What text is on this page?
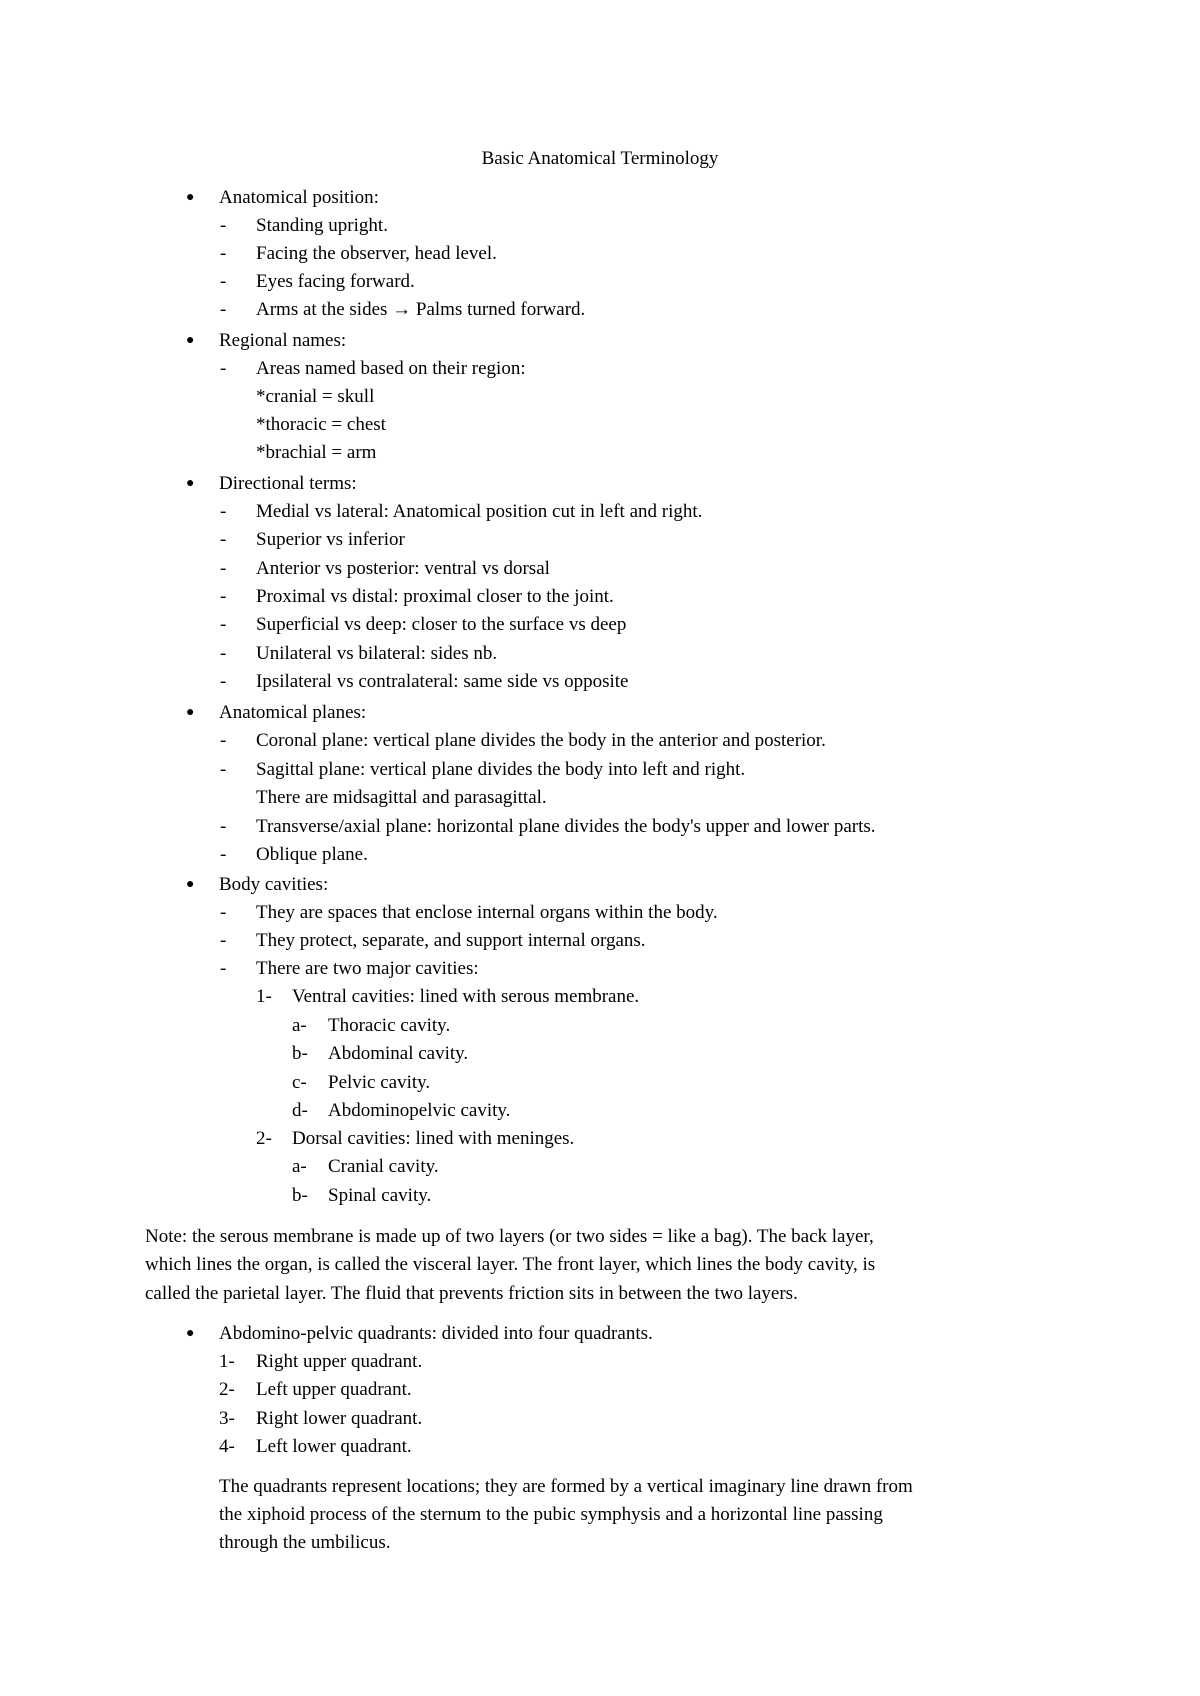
Basic Anatomical Terminology
● Anatomical position:
- Standing upright.
- Facing the observer, head level.
- Eyes facing forward.
- Arms at the sides → Palms turned forward.
● Regional names:
- Areas named based on their region:
*cranial = skull
*thoracic = chest
*brachial = arm
● Directional terms:
- Medial vs lateral: Anatomical position cut in left and right.
- Superior vs inferior
- Anterior vs posterior: ventral vs dorsal
- Proximal vs distal: proximal closer to the joint.
- Superficial vs deep: closer to the surface vs deep
- Unilateral vs bilateral: sides nb.
- Ipsilateral vs contralateral: same side vs opposite
● Anatomical planes:
- Coronal plane: vertical plane divides the body in the anterior and posterior.
- Sagittal plane: vertical plane divides the body into left and right.
There are midsagittal and parasagittal.
- Transverse/axial plane: horizontal plane divides the body's upper and lower parts.
- Oblique plane.
● Body cavities:
- They are spaces that enclose internal organs within the body.
- They protect, separate, and support internal organs.
- There are two major cavities:
1- Ventral cavities: lined with serous membrane.
a- Thoracic cavity.
b- Abdominal cavity.
c- Pelvic cavity.
d- Abdominopelvic cavity.
2- Dorsal cavities: lined with meninges.
a- Cranial cavity.
b- Spinal cavity.
Note: the serous membrane is made up of two layers (or two sides = like a bag). The back layer,
which lines the organ, is called the visceral layer. The front layer, which lines the body cavity, is
called the parietal layer. The fluid that prevents friction sits in between the two layers.
● Abdomino-pelvic quadrants: divided into four quadrants.
1- Right upper quadrant.
2- Left upper quadrant.
3- Right lower quadrant.
4- Left lower quadrant.
The quadrants represent locations; they are formed by a vertical imaginary line drawn from
the xiphoid process of the sternum to the pubic symphysis and a horizontal line passing
through the umbilicus.
